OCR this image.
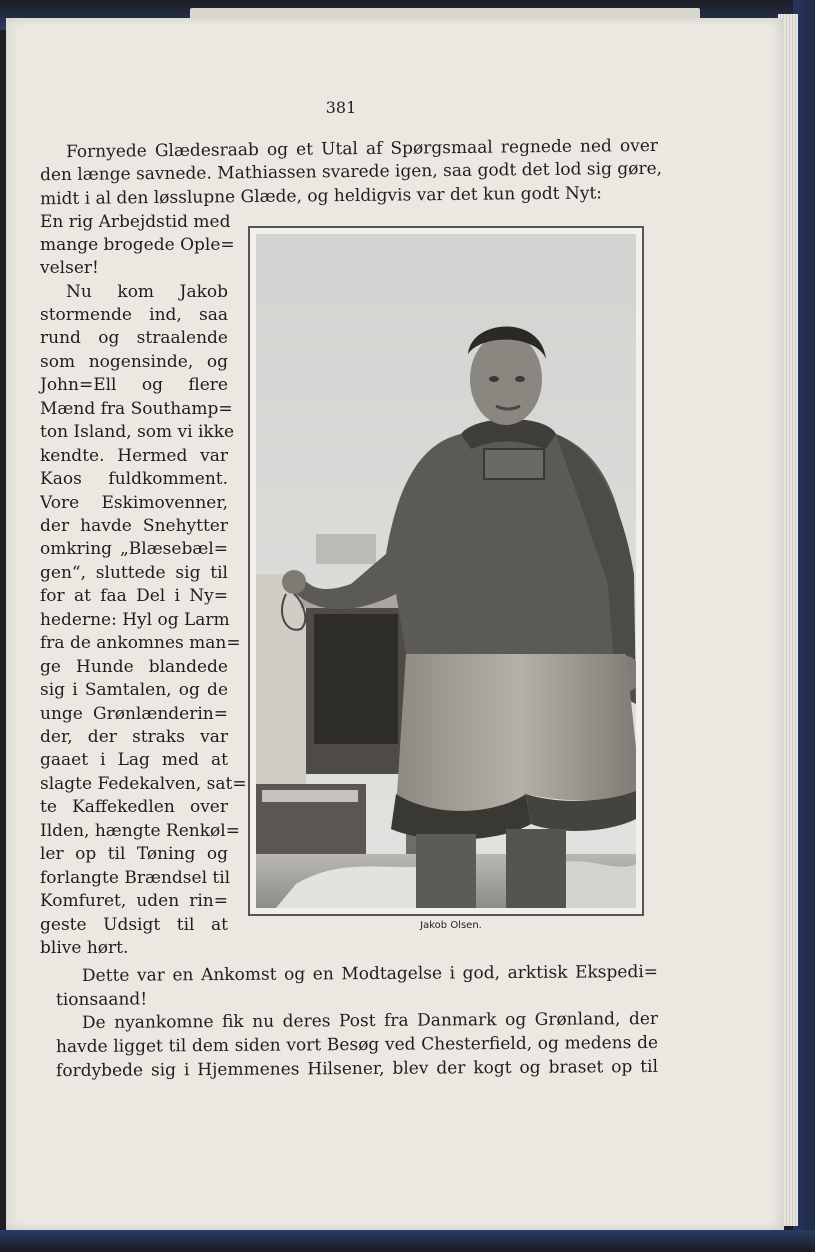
381

Fornyede Glædesraab og et Utal af Spørgsmaal regnede ned over

den længe savnede. Mathiassen svarede igen, saa godt det lod sig gøre,

midt i al den løsslupne Glæde, og heldigvis var det kun godt Nyt:

En rig Arbejdstid med

mange brogede Ople=

velser!

Nu kom Jakob

stormende ind, saa

rund og straalende

som nogensinde, og

John=Ell og flere

Mænd fra Southamp=

ton Island, som vi ikke

kendte. Hermed var

Kaos fuldkomment.

Vore Eskimovenner,

der havde Snehytter

omkring „Blæsebæl=

gen“, sluttede sig til

for at faa Del i Ny=

hederne: Hyl og Larm

fra de ankomnes man=

ge Hunde blandede

sig i Samtalen, og de

unge Grønlænderin=

der, der straks var

gaaet i Lag med at

slagte Fedekalven, sat=

te Kaffekedlen over

Ilden, hængte Renkøl=

ler op til Tøning og

forlangte Brændsel til

Komfuret, uden rin=

geste Udsigt til at

blive hørt.

Jakob Olsen.

Dette var en Ankomst og en Modtagelse i god, arktisk Ekspedi=

tionsaand!

De nyankomne fik nu deres Post fra Danmark og Grønland, der

havde ligget til dem siden vort Besøg ved Chesterfield, og medens de

fordybede sig i Hjemmenes Hilsener, blev der kogt og braset op til
